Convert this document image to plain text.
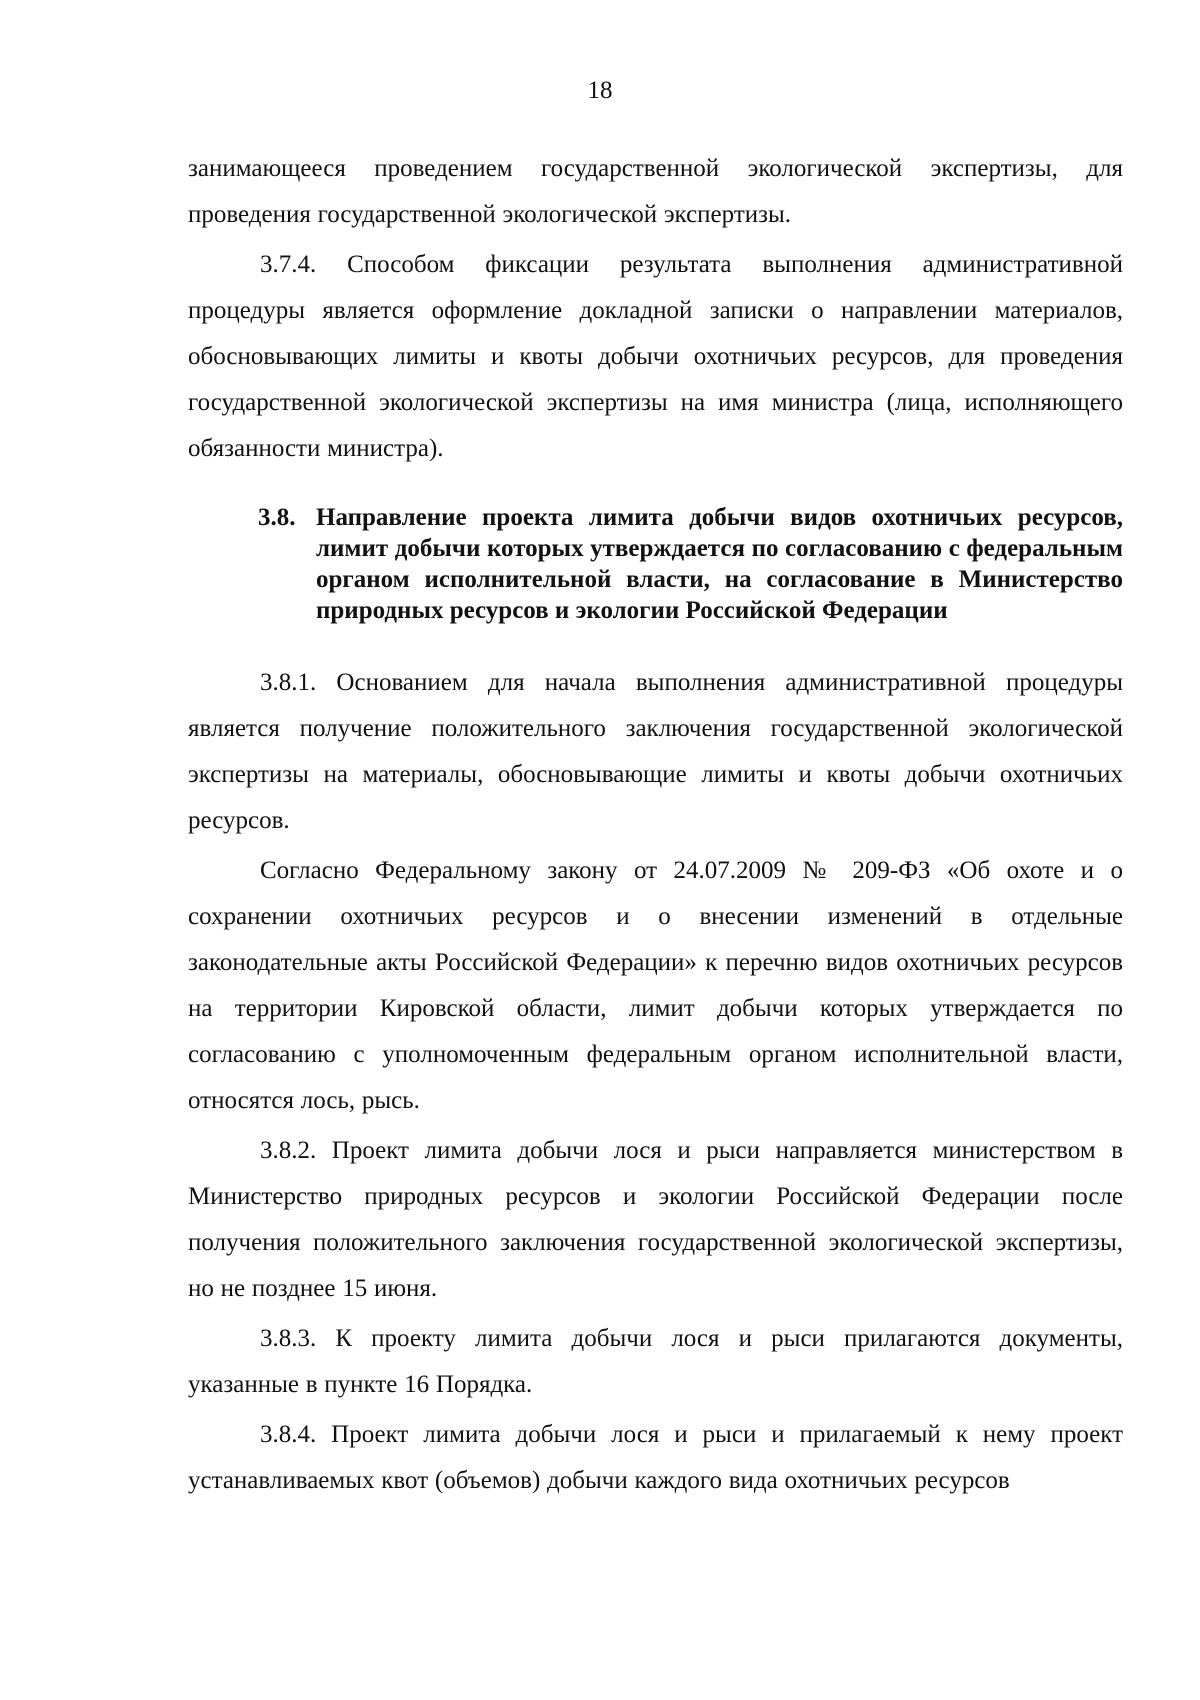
18

занимающееся проведением государственной экологической экспертизы, для проведения государственной экологической экспертизы.

3.7.4. Способом фиксации результата выполнения административной процедуры является оформление докладной записки о направлении материалов, обосновывающих лимиты и квоты добычи охотничьих ресурсов, для проведения государственной экологической экспертизы на имя министра (лица, исполняющего обязанности министра).

3.8. Направление проекта лимита добычи видов охотничьих ресурсов, лимит добычи которых утверждается по согласованию с федеральным органом исполнительной власти, на согласование в Министерство природных ресурсов и экологии Российской Федерации

3.8.1. Основанием для начала выполнения административной процедуры является получение положительного заключения государственной экологической экспертизы на материалы, обосновывающие лимиты и квоты добычи охотничьих ресурсов.

Согласно Федеральному закону от 24.07.2009 № 209-ФЗ «Об охоте и о сохранении охотничьих ресурсов и о внесении изменений в отдельные законодательные акты Российской Федерации» к перечню видов охотничьих ресурсов на территории Кировской области, лимит добычи которых утверждается по согласованию с уполномоченным федеральным органом исполнительной власти, относятся лось, рысь.

3.8.2. Проект лимита добычи лося и рыси направляется министерством в Министерство природных ресурсов и экологии Российской Федерации после получения положительного заключения государственной экологической экспертизы, но не позднее 15 июня.

3.8.3. К проекту лимита добычи лося и рыси прилагаются документы, указанные в пункте 16 Порядка.

3.8.4. Проект лимита добычи лося и рыси и прилагаемый к нему проект устанавливаемых квот (объемов) добычи каждого вида охотничьих ресурсов
